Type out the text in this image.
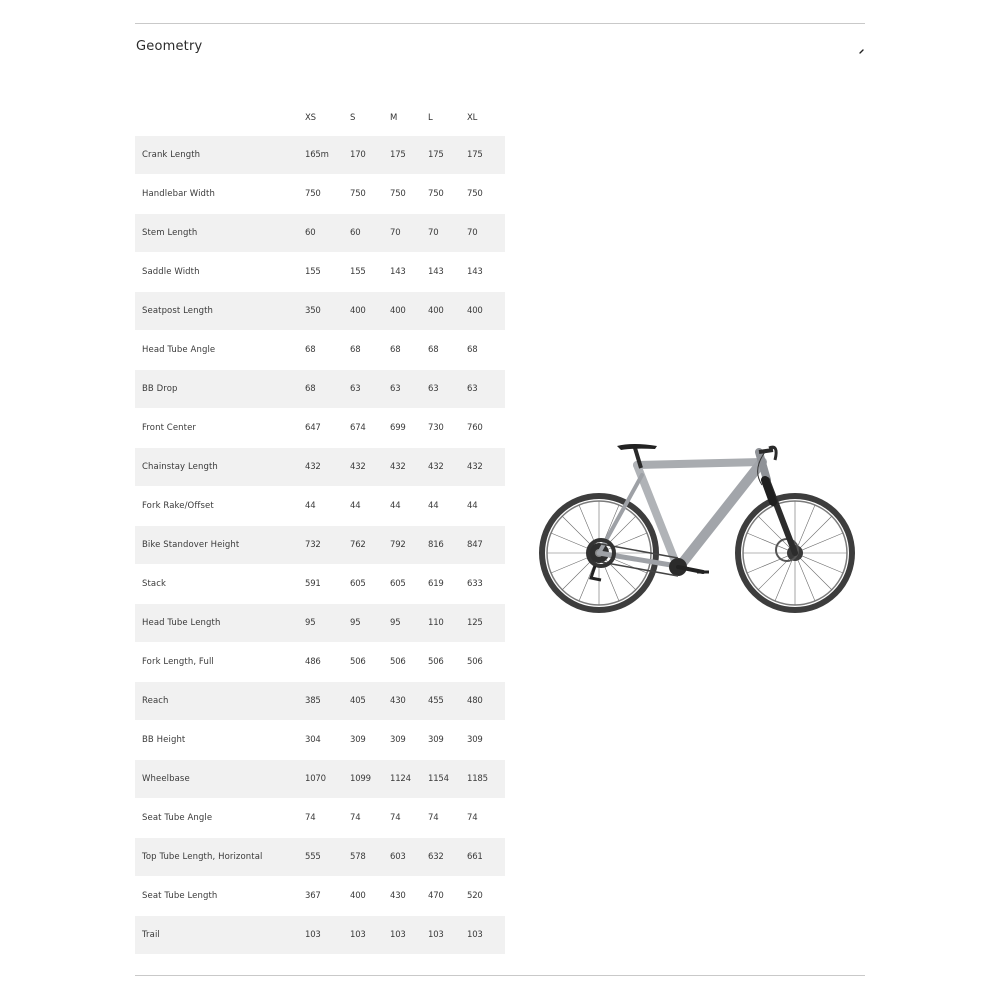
Geometry
	XS	S	M	L	XL
Crank Length	165m	170	175	175	175
Handlebar Width	750	750	750	750	750
Stem Length	60	60	70	70	70
Saddle Width	155	155	143	143	143
Seatpost Length	350	400	400	400	400
Head Tube Angle	68	68	68	68	68
BB Drop	68	63	63	63	63
Front Center	647	674	699	730	760
Chainstay Length	432	432	432	432	432
Fork Rake/Offset	44	44	44	44	44
Bike Standover Height	732	762	792	816	847
Stack	591	605	605	619	633
Head Tube Length	95	95	95	110	125
Fork Length, Full	486	506	506	506	506
Reach	385	405	430	455	480
BB Height	304	309	309	309	309
Wheelbase	1070	1099	1124	1154	1185
Seat Tube Angle	74	74	74	74	74
Top Tube Length, Horizontal	555	578	603	632	661
Seat Tube Length	367	400	430	470	520
Trail	103	103	103	103	103
